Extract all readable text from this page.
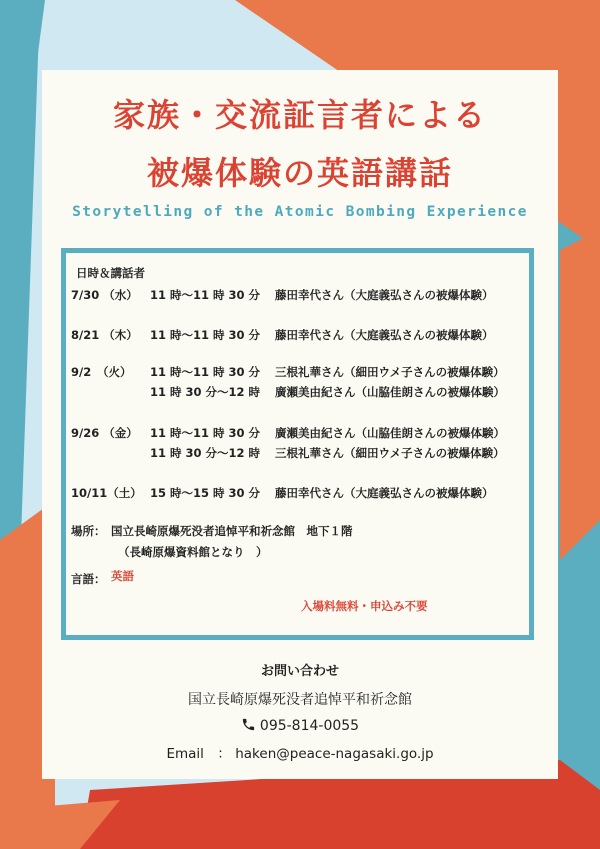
家族・交流証言者による
被爆体験の英語講話
Storytelling of the Atomic Bombing Experience
日時＆講話者
7/30 （水） 11 時～11 時 30 分 藤田幸代さん（大庭義弘さんの被爆体験）
8/21 （木） 11 時～11 時 30 分 藤田幸代さん（大庭義弘さんの被爆体験）
9/2　（火） 11 時～11 時 30 分 三根礼華さん（細田ウメ子さんの被爆体験）
11 時 30 分～12 時 廣瀬美由紀さん（山脇佳朗さんの被爆体験）
9/26 （金） 11 時～11 時 30 分 廣瀬美由紀さん（山脇佳朗さんの被爆体験）
11 時 30 分～12 時 三根礼華さん（細田ウメ子さんの被爆体験）
10/11（土） 15 時～15 時 30 分 藤田幸代さん（大庭義弘さんの被爆体験）
場所： 国立長崎原爆死没者追悼平和祈念館　地下１階
（長崎原爆資料館となり　）
言語： 英語
入場料無料・申込み不要
お問い合わせ
国立長崎原爆死没者追悼平和祈念館
095-814-0055
Email　： haken@peace-nagasaki.go.jp
